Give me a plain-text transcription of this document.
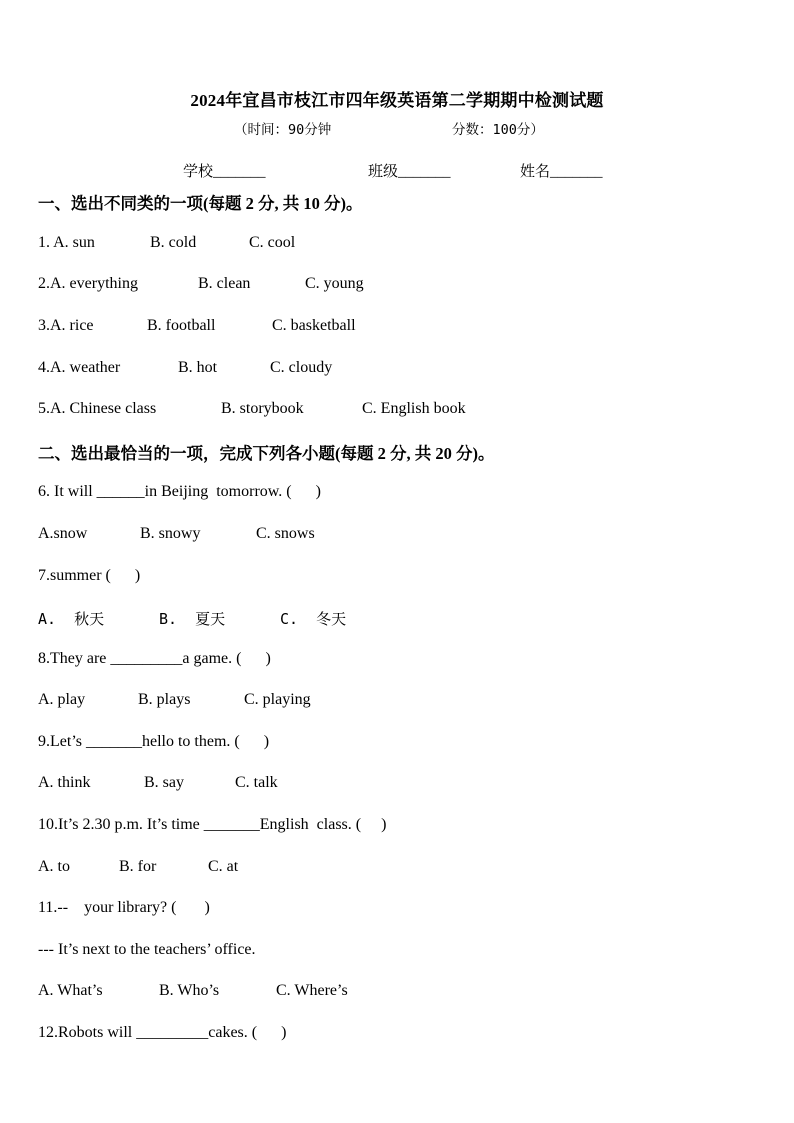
2024年宜昌市枝江市四年级英语第二学期期中检测试题
（时间：90分钟	分数：100分）
学校_______	班级_______	姓名_______
一、选出不同类的一项(每题 2 分, 共 10 分)。
1. A. sun	B. cold	C. cool
2.A. everything	B. clean	C. young
3.A. rice	B. football	C. basketball
4.A. weather	B. hot	C. cloudy
5.A. Chinese class	B. storybook	C. English book
二、选出最恰当的一项，完成下列各小题(每题 2 分, 共 20 分)。
6. It will ______in Beijing  tomorrow. (      )
A.snow	B. snowy	C. snows
7.summer (      )
A.  秋天	B.  夏天	C.  冬天
8.They are _________a game. (      )
A. play	B. plays	C. playing
9.Let’s _______hello to them. (      )
A. think	B. say	C. talk
10.It’s 2.30 p.m. It’s time _______English  class. (     )
A. to	B. for	C. at
11.--    your library? (       )
--- It’s next to the teachers’ office.
A. What’s	B. Who’s	C. Where’s
12.Robots will _________cakes. (      )
